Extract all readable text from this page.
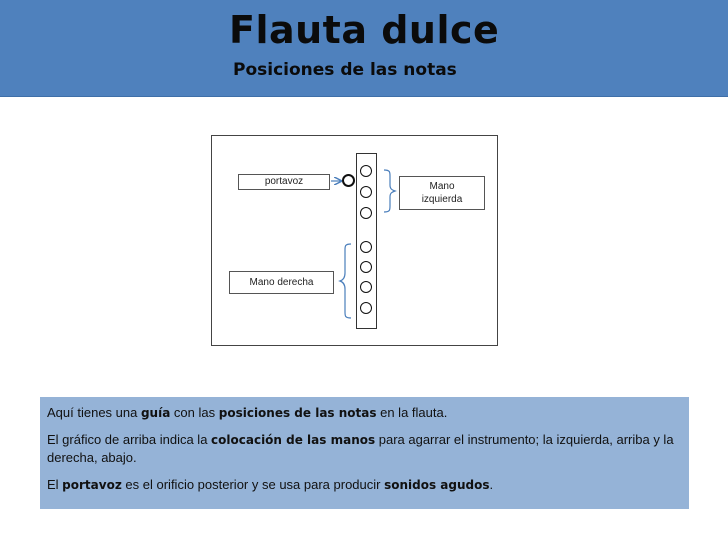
Flauta dulce
Posiciones de las notas
portavoz	Mano
izquierda
Mano derecha

Aquí tienes una guía con las posiciones de las notas en la flauta.

El gráfico de arriba indica la colocación de las manos para agarrar el instrumento; la izquierda, arriba y la derecha, abajo.

El portavoz es el orificio posterior y se usa para producir sonidos agudos.
